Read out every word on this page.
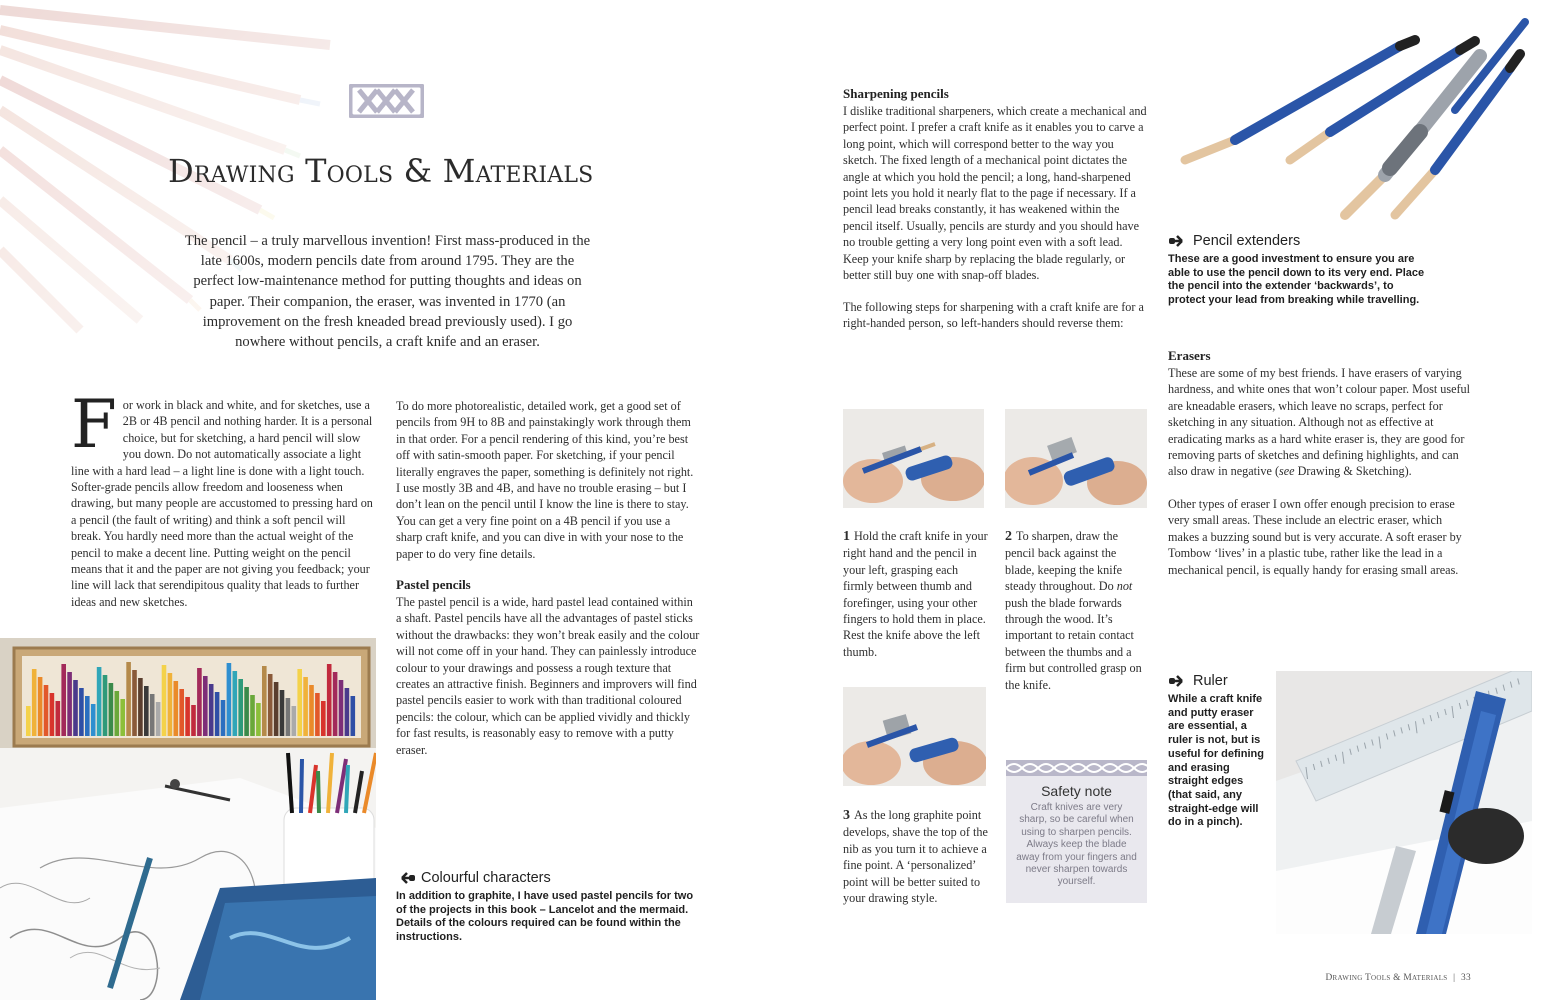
Drawing Tools & Materials

The pencil – a truly marvellous invention! First mass-produced in the late 1600s, modern pencils date from around 1795. They are the perfect low-maintenance method for putting thoughts and ideas on paper. Their companion, the eraser, was invented in 1770 (an improvement on the fresh kneaded bread previously used). I go nowhere without pencils, a craft knife and an eraser.

F or work in black and white, and for sketches, use a 2B or 4B pencil and nothing harder. It is a personal choice, but for sketching, a hard pencil will slow you down. Do not automatically associate a light line with a hard lead – a light line is done with a light touch. Softer-grade pencils allow freedom and looseness when drawing, but many people are accustomed to pressing hard on a pencil (the fault of writing) and think a soft pencil will break. You hardly need more than the actual weight of the pencil to make a decent line. Putting weight on the pencil means that it and the paper are not giving you feedback; your line will lack that serendipitous quality that leads to further ideas and new sketches.

To do more photorealistic, detailed work, get a good set of pencils from 9H to 8B and painstakingly work through them in that order. For a pencil rendering of this kind, you’re best off with satin-smooth paper. For sketching, if your pencil literally engraves the paper, something is definitely not right. I use mostly 3B and 4B, and have no trouble erasing – but I don’t lean on the pencil until I know the line is there to stay. You can get a very fine point on a 4B pencil if you use a sharp craft knife, and you can dive in with your nose to the paper to do very fine details.

Pastel pencils

The pastel pencil is a wide, hard pastel lead contained within a shaft. Pastel pencils have all the advantages of pastel sticks without the drawbacks: they won’t break easily and the colour will not come off in your hand. They can painlessly introduce colour to your drawings and possess a rough texture that creates an attractive finish. Beginners and improvers will find pastel pencils easier to work with than traditional coloured pencils: the colour, which can be applied vividly and thickly for fast results, is reasonably easy to remove with a putty eraser.

Colourful characters

In addition to graphite, I have used pastel pencils for two of the projects in this book – Lancelot and the mermaid. Details of the colours required can be found within the instructions.

Sharpening pencils

I dislike traditional sharpeners, which create a mechanical and perfect point. I prefer a craft knife as it enables you to carve a long point, which will correspond better to the way you sketch. The fixed length of a mechanical point dictates the angle at which you hold the pencil; a long, hand-sharpened point lets you hold it nearly flat to the page if necessary. If a pencil lead breaks constantly, it has weakened within the pencil itself. Usually, pencils are sturdy and you should have no trouble getting a very long point even with a soft lead. Keep your knife sharp by replacing the blade regularly, or better still buy one with snap-off blades.

The following steps for sharpening with a craft knife are for a right-handed person, so left-handers should reverse them:

1 Hold the craft knife in your right hand and the pencil in your left, grasping each firmly between thumb and forefinger, using your other fingers to hold them in place. Rest the knife above the left thumb.

2 To sharpen, draw the pencil back against the blade, keeping the knife steady throughout. Do not push the blade forwards through the wood. It’s important to retain contact between the thumbs and a firm but controlled grasp on the knife.

3 As the long graphite point develops, shave the top of the nib as you turn it to achieve a fine point. A ‘personalized’ point will be better suited to your drawing style.

Safety note

Craft knives are very sharp, so be careful when using to sharpen pencils. Always keep the blade away from your fingers and never sharpen towards yourself.

Pencil extenders

These are a good investment to ensure you are able to use the pencil down to its very end. Place the pencil into the extender ‘backwards’, to protect your lead from breaking while travelling.

Erasers

These are some of my best friends. I have erasers of varying hardness, and white ones that won’t colour paper. Most useful are kneadable erasers, which leave no scraps, perfect for sketching in any situation. Although not as effective at eradicating marks as a hard white eraser is, they are good for removing parts of sketches and defining highlights, and can also draw in negative (see Drawing & Sketching).

Other types of eraser I own offer enough precision to erase very small areas. These include an electric eraser, which makes a buzzing sound but is very accurate. A soft eraser by Tombow ‘lives’ in a plastic tube, rather like the lead in a mechanical pencil, is equally handy for erasing small areas.

Ruler

While a craft knife and putty eraser are essential, a ruler is not, but is useful for defining and erasing straight edges (that said, any straight-edge will do in a pinch).

Drawing Tools & Materials | 33
